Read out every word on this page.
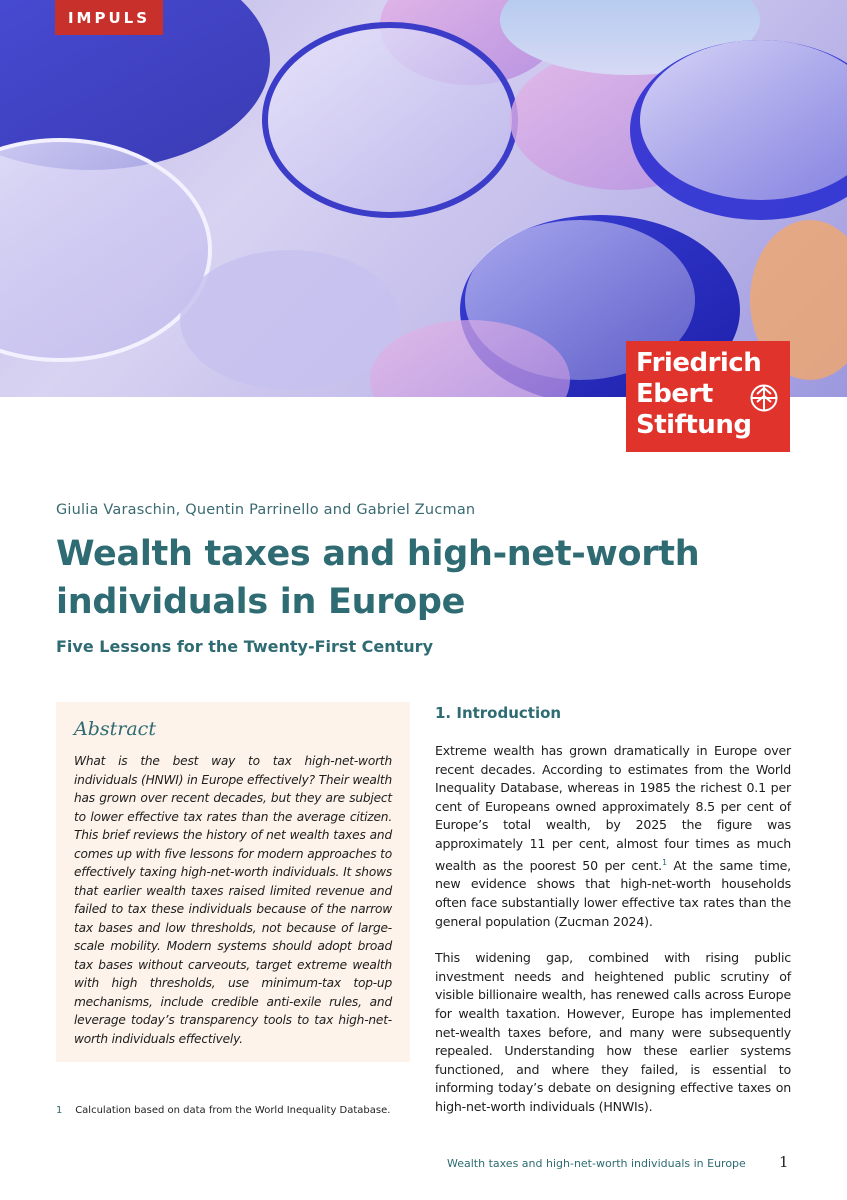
IMPULS
Friedrich
Ebert
Stiftung
Giulia Varaschin, Quentin Parrinello and Gabriel Zucman
Wealth taxes and high-net-worth individuals in Europe
Five Lessons for the Twenty-First Century
Abstract
What is the best way to tax high-net-worth individuals (HNWI) in Europe effectively? Their wealth has grown over recent decades, but they are subject to lower effective tax rates than the average citizen. This brief reviews the history of net wealth taxes and comes up with five lessons for modern approaches to effectively taxing high-net-worth individuals. It shows that earlier wealth taxes raised limited revenue and failed to tax these individuals because of the narrow tax bases and low thresholds, not because of large-scale mobility. Modern systems should adopt broad tax bases without carveouts, target extreme wealth with high thresholds, use minimum-tax top-up mechanisms, include credible anti-exile rules, and leverage today’s transparency tools to tax high-net-worth individuals effectively.
1. Introduction

Extreme wealth has grown dramatically in Europe over recent decades. According to estimates from the World Inequality Database, whereas in 1985 the richest 0.1 per cent of Europeans owned approximately 8.5 per cent of Europe’s total wealth, by 2025 the figure was approximately 11 per cent, almost four times as much wealth as the poorest 50 per cent.$^1$ At the same time, new evidence shows that high-net-worth households often face substantially lower effective tax rates than the general population (Zucman 2024).

This widening gap, combined with rising public investment needs and heightened public scrutiny of visible billionaire wealth, has renewed calls across Europe for wealth taxation. However, Europe has implemented net-wealth taxes before, and many were subsequently repealed. Understanding how these earlier systems functioned, and where they failed, is essential to informing today’s debate on designing effective taxes on high-net-worth individuals (HNWIs).

1 Calculation based on data from the World Inequality Database.
Wealth taxes and high-net-worth individuals in Europe 1
